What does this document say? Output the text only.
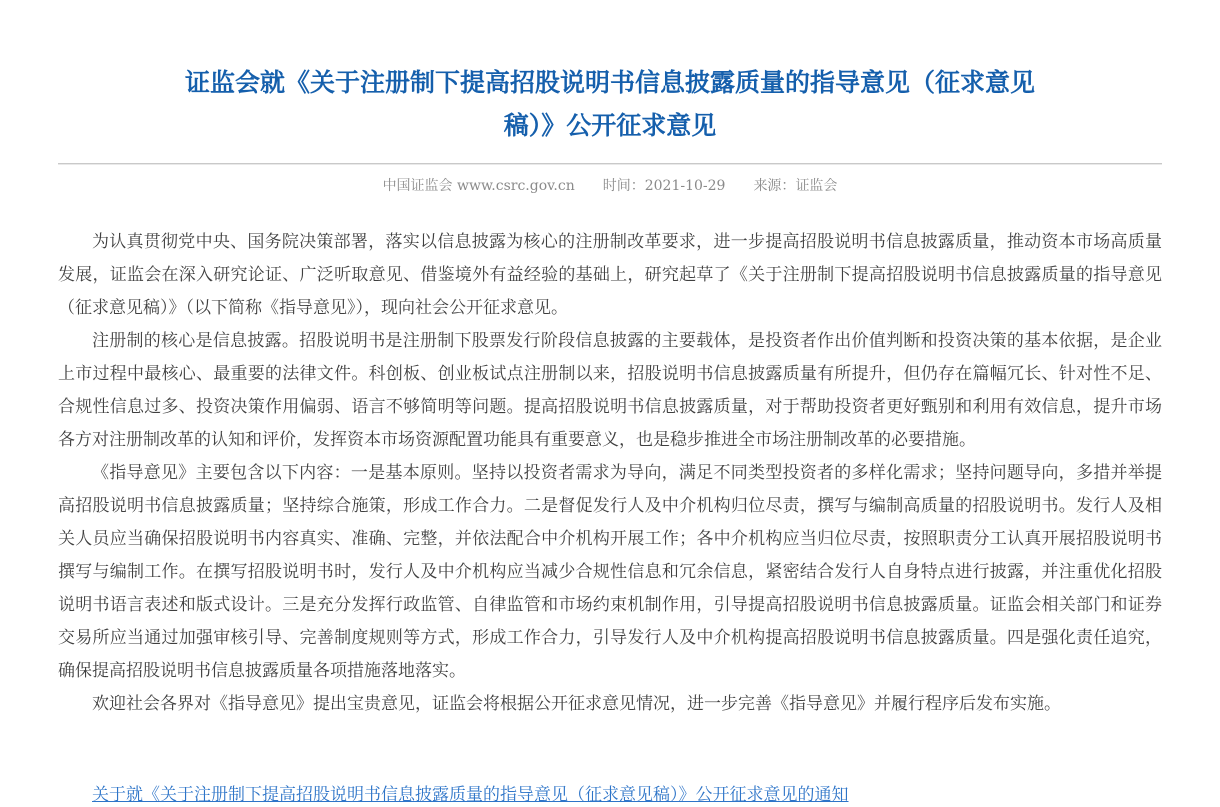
证监会就《关于注册制下提高招股说明书信息披露质量的指导意见（征求意见稿）》公开征求意见
中国证监会 www.csrc.gov.cn 时间：2021-10-29 来源：证监会

为认真贯彻党中央、国务院决策部署，落实以信息披露为核心的注册制改革要求，进一步提高招股说明书信息披露质量，推动资本市场高质量发展，证监会在深入研究论证、广泛听取意见、借鉴境外有益经验的基础上，研究起草了《关于注册制下提高招股说明书信息披露质量的指导意见（征求意见稿）》（以下简称《指导意见》），现向社会公开征求意见。

注册制的核心是信息披露。招股说明书是注册制下股票发行阶段信息披露的主要载体，是投资者作出价值判断和投资决策的基本依据，是企业上市过程中最核心、最重要的法律文件。科创板、创业板试点注册制以来，招股说明书信息披露质量有所提升，但仍存在篇幅冗长、针对性不足、合规性信息过多、投资决策作用偏弱、语言不够简明等问题。提高招股说明书信息披露质量，对于帮助投资者更好甄别和利用有效信息，提升市场各方对注册制改革的认知和评价，发挥资本市场资源配置功能具有重要意义，也是稳步推进全市场注册制改革的必要措施。

《指导意见》主要包含以下内容：一是基本原则。坚持以投资者需求为导向，满足不同类型投资者的多样化需求；坚持问题导向，多措并举提高招股说明书信息披露质量；坚持综合施策，形成工作合力。二是督促发行人及中介机构归位尽责，撰写与编制高质量的招股说明书。发行人及相关人员应当确保招股说明书内容真实、准确、完整，并依法配合中介机构开展工作；各中介机构应当归位尽责，按照职责分工认真开展招股说明书撰写与编制工作。在撰写招股说明书时，发行人及中介机构应当减少合规性信息和冗余信息，紧密结合发行人自身特点进行披露，并注重优化招股说明书语言表述和版式设计。三是充分发挥行政监管、自律监管和市场约束机制作用，引导提高招股说明书信息披露质量。证监会相关部门和证券交易所应当通过加强审核引导、完善制度规则等方式，形成工作合力，引导发行人及中介机构提高招股说明书信息披露质量。四是强化责任追究，确保提高招股说明书信息披露质量各项措施落地落实。

欢迎社会各界对《指导意见》提出宝贵意见，证监会将根据公开征求意见情况，进一步完善《指导意见》并履行程序后发布实施。

关于就《关于注册制下提高招股说明书信息披露质量的指导意见（征求意见稿）》公开征求意见的通知
